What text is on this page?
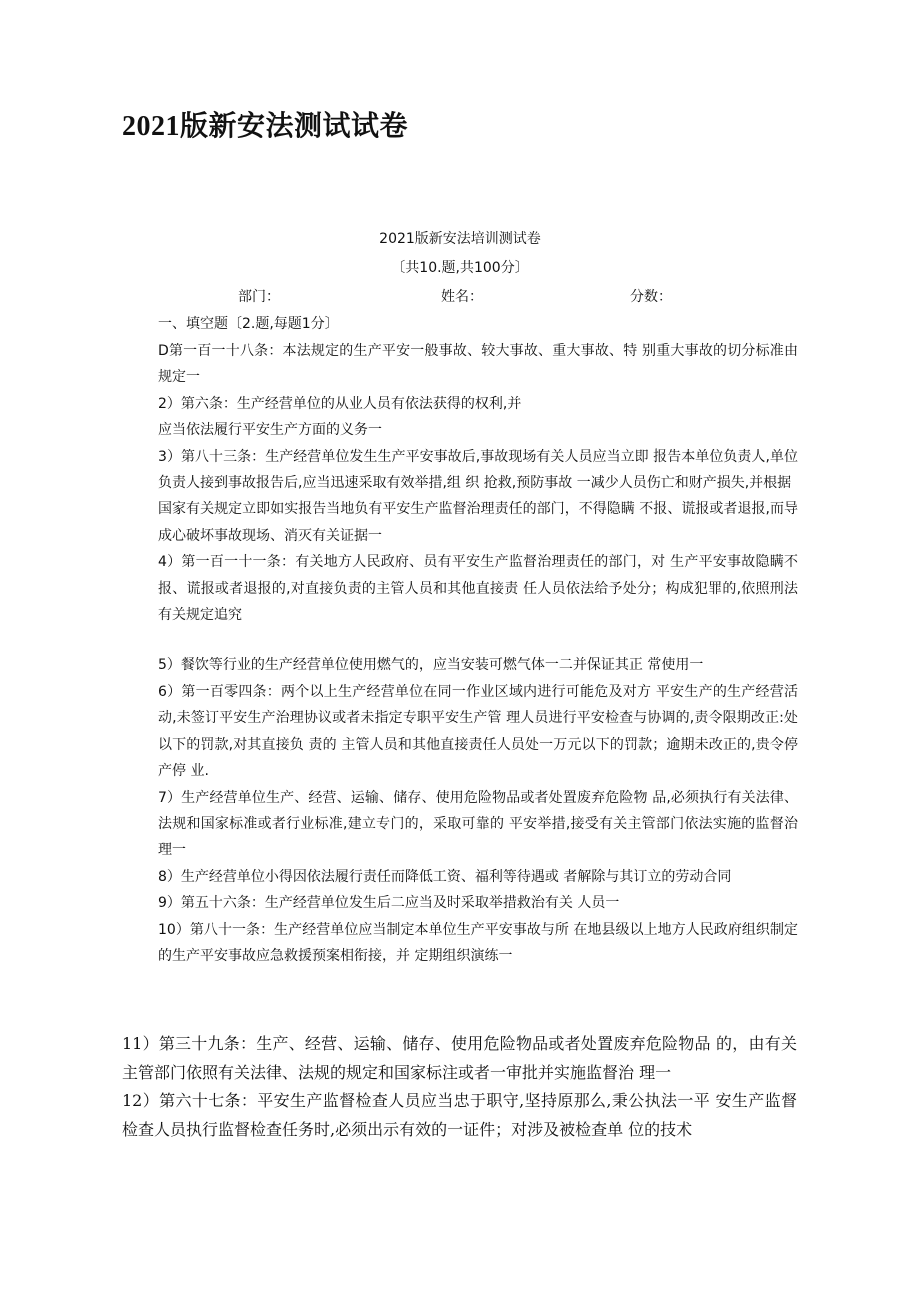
2021版新安法测试试卷
2021版新安法培训测试卷
〔共10.题,共100分〕
部门：	姓名：	分数：
一、填空题〔2.题,每题1分〕

D第一百一十八条：本法规定的生产平安一般事故、较大事故、重大事故、特 别重大事故的切分标准由规定一

2）第六条：生产经营单位的从业人员有依法获得的权利,并

应当依法履行平安生产方面的义务一

3）第八十三条：生产经营单位发生生产平安事故后,事故现场有关人员应当立即 报告本单位负责人,单位负责人接到事故报告后,应当迅速采取有效举措,组 织 抢救,预防事故 一减少人员伤亡和财产损失,并根据

国家有关规定立即如实报告当地负有平安生产监督治理责任的部门，不得隐瞒 不报、谎报或者退报,而导成心破坏事故现场、消灭有关证据一

4）第一百一十一条：有关地方人民政府、员有平安生产监督治理责任的部门，对 生产平安事故隐瞒不报、谎报或者退报的,对直接负责的主管人员和其他直接责 任人员依法给予处分；构成犯罪的,依照刑法有关规定追究

5）餐饮等行业的生产经营单位使用燃气的，应当安装可燃气体一二并保证其正 常使用一

6）第一百零四条：两个以上生产经营单位在同一作业区域内进行可能危及对方 平安生产的生产经营活动,未签订平安生产治理协议或者未指定专职平安生产管 理人员进行平安检查与协调的,责令限期改正:处 以下的罚款,对其直接负 责的 主管人员和其他直接责任人员处一万元以下的罚款；逾期未改正的,贵令停产停 业.

7）生产经营单位生产、经营、运输、储存、使用危险物品或者处置废弃危险物 品,必须执行有关法律、法规和国家标准或者行业标准,建立专门的，采取可靠的 平安举措,接受有关主管部门依法实施的监督治理一

8）生产经营单位小得因依法履行责任而降低工资、福利等待遇或 者解除与其订立的劳动合同

9）第五十六条：生产经营单位发生后二应当及时采取举措救治有关 人员一

10）第八十一条：生产经营单位应当制定本单位生产平安事故与所 在地县级以上地方人民政府组织制定的生产平安事故应急救援预案相衔接，并 定期组织演练一

11）第三十九条：生产、经营、运输、储存、使用危险物品或者处置废弃危险物品 的，由有关主管部门依照有关法律、法规的规定和国家标注或者一审批并实施监督治 理一

12）第六十七条：平安生产监督检查人员应当忠于职守,坚持原那么,秉公执法一平 安生产监督检查人员执行监督检查任务时,必须出示有效的一证件；对涉及被检查单 位的技术
